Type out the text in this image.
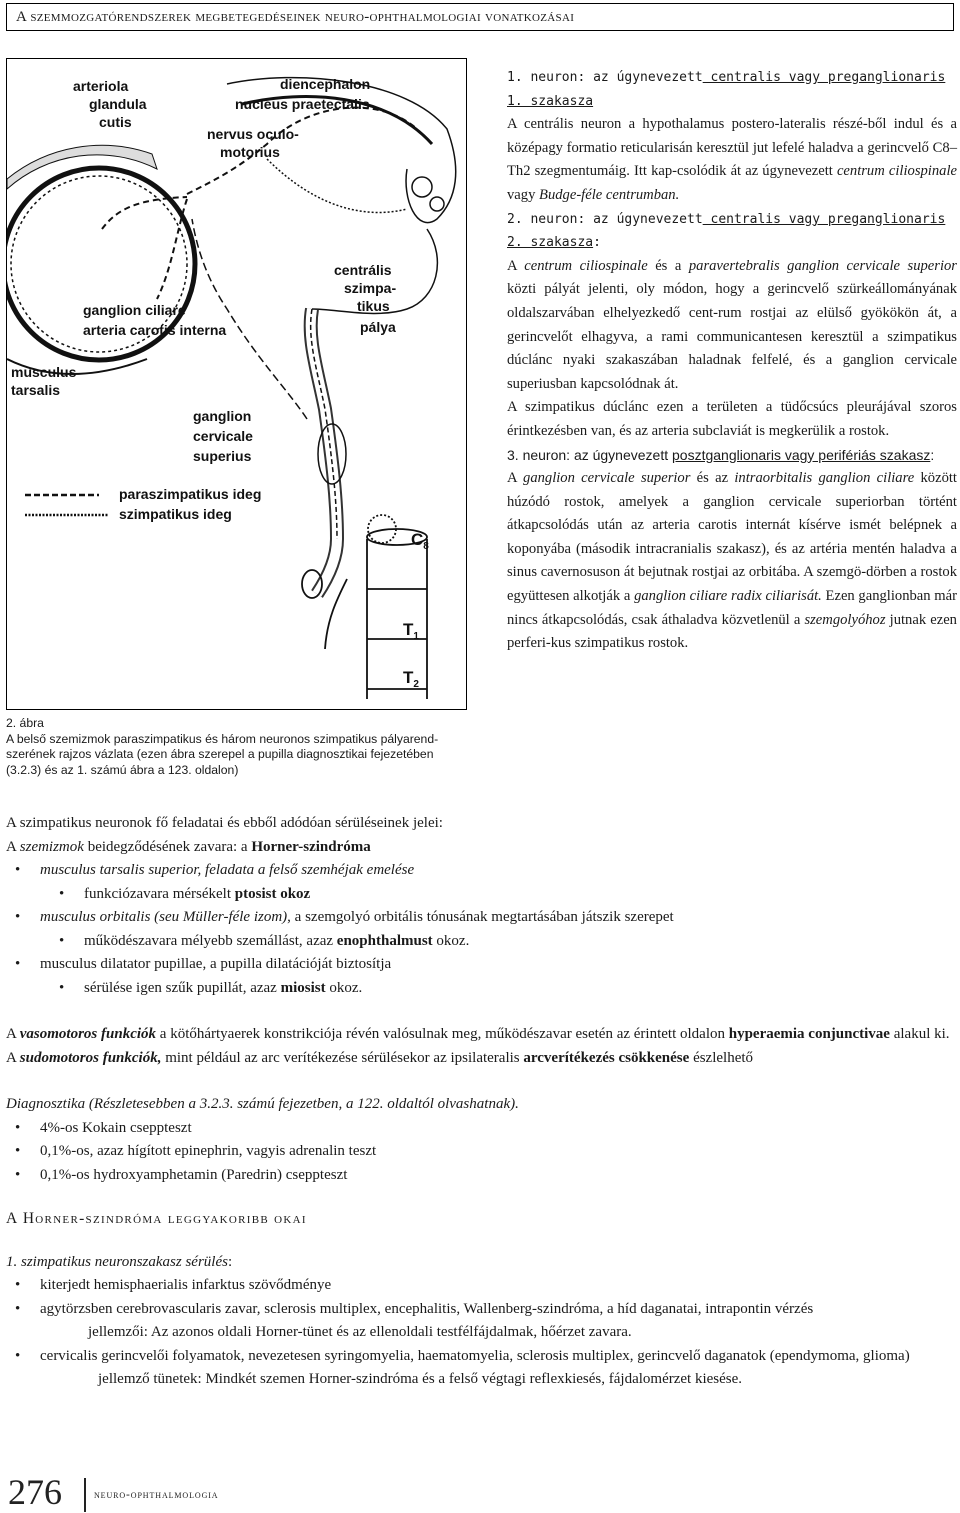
A szemmozgatórendszerek megbetegedéseinek neuro-ophthalmologiai vonatkozásai
arteriola
glandula
cutis
diencephalon
nucleus praetectalis
nervus oculo-
motorius
centrális
szimpa-
tikus
pálya
ganglion ciliare
arteria carotis interna
musculus
tarsalis
ganglion
cervicale
superius
paraszimpatikus ideg
szimpatikus ideg
$C_8$
$T_1$
$T_2$
2. ábra
A belső szemizmok paraszimpatikus és három neuronos szimpatikus pályarend-szerének rajzos vázlata (ezen ábra szerepel a pupilla diagnosztikai fejezetében (3.2.3) és az 1. számú ábra a 123. oldalon)

1. neuron: az úgynevezett centralis vagy preganglionaris

1. szakasza

A centrális neuron a hypothalamus postero-lateralis részé-ből indul és a középagy formatio reticularisán keresztül jut lefelé haladva a gerincvelő C8–Th2 szegmentumáig. Itt kap-csolódik át az úgynevezett centrum ciliospinale vagy Budge-féle centrumban.

2. neuron: az úgynevezett centralis vagy preganglionaris

2. szakasza:

A centrum ciliospinale és a paravertebralis ganglion cervicale superior közti pályát jelenti, oly módon, hogy a gerincvelő szürkeállományának oldalszarvában elhelyezkedő cent-rum rostjai az elülső gyökökön át, a gerincvelőt elhagyva, a rami communicantesen keresztül a szimpatikus dúclánc nyaki szakaszában haladnak felfelé, és a ganglion cervicale superiusban kapcsolódnak át.

A szimpatikus dúclánc ezen a területen a tüdőcsúcs pleurájával szoros érintkezésben van, és az arteria subclaviát is megkerülik a rostok.

3. neuron: az úgynevezett posztganglionaris vagy perifériás szakasz:

A ganglion cervicale superior és az intraorbitalis ganglion ciliare között húzódó rostok, amelyek a ganglion cervicale superiorban történt átkapcsolódás után az arteria carotis internát kísérve ismét belépnek a koponyába (második intracranialis szakasz), és az artéria mentén haladva a sinus cavernosuson át bejutnak rostjai az orbitába. A szemgö-dörben a rostok együttesen alkotják a ganglion ciliare radix ciliarisát. Ezen ganglionban már nincs átkapcsolódás, csak áthaladva közvetlenül a szemgolyóhoz jutnak ezen perferi-kus szimpatikus rostok.

A szimpatikus neuronok fő feladatai és ebből adódóan sérüléseinek jelei:

A szemizmok beidegződésének zavara: a Horner-szindróma

• musculus tarsalis superior, feladata a felső szemhéjak emelése
• funkciózavara mérsékelt ptosist okoz
• musculus orbitalis (seu Müller-féle izom), a szemgolyó orbitális tónusának megtartásában játszik szerepet
• működészavara mélyebb szemállást, azaz enophthalmust okoz.
• musculus dilatator pupillae, a pupilla dilatációját biztosítja
• sérülése igen szűk pupillát, azaz miosist okoz.

A vasomotoros funkciók a kötőhártyaerek konstrikciója révén valósulnak meg, működészavar esetén az érintett oldalon hyperaemia conjunctivae alakul ki.

A sudomotoros funkciók, mint például az arc verítékezése sérülésekor az ipsilateralis arcverítékezés csökkenése észlelhető

Diagnosztika (Részletesebben a 3.2.3. számú fejezetben, a 122. oldaltól olvashatnak).

• 4%-os Kokain cseppteszt
• 0,1%-os, azaz hígított epinephrin, vagyis adrenalin teszt
• 0,1%-os hydroxyamphetamin (Paredrin) cseppteszt

A Horner-szindróma leggyakoribb okai

1. szimpatikus neuronszakasz sérülés:

• kiterjedt hemisphaerialis infarktus szövődménye
• agytörzsben cerebrovascularis zavar, sclerosis multiplex, encephalitis, Wallenberg-szindróma, a híd daganatai, intrapontin vérzés

jellemzői: Az azonos oldali Horner-tünet és az ellenoldali testfélfájdalmak, hőérzet zavara.

• cervicalis gerincvelői folyamatok, nevezetesen syringomyelia, haematomyelia, sclerosis multiplex, gerincvelő daganatok (ependymoma, glioma)

jellemző tünetek: Mindkét szemen Horner-szindróma és a felső végtagi reflexkiesés, fájdalomérzet kiesése.

276	neuro-ophthalmologia
